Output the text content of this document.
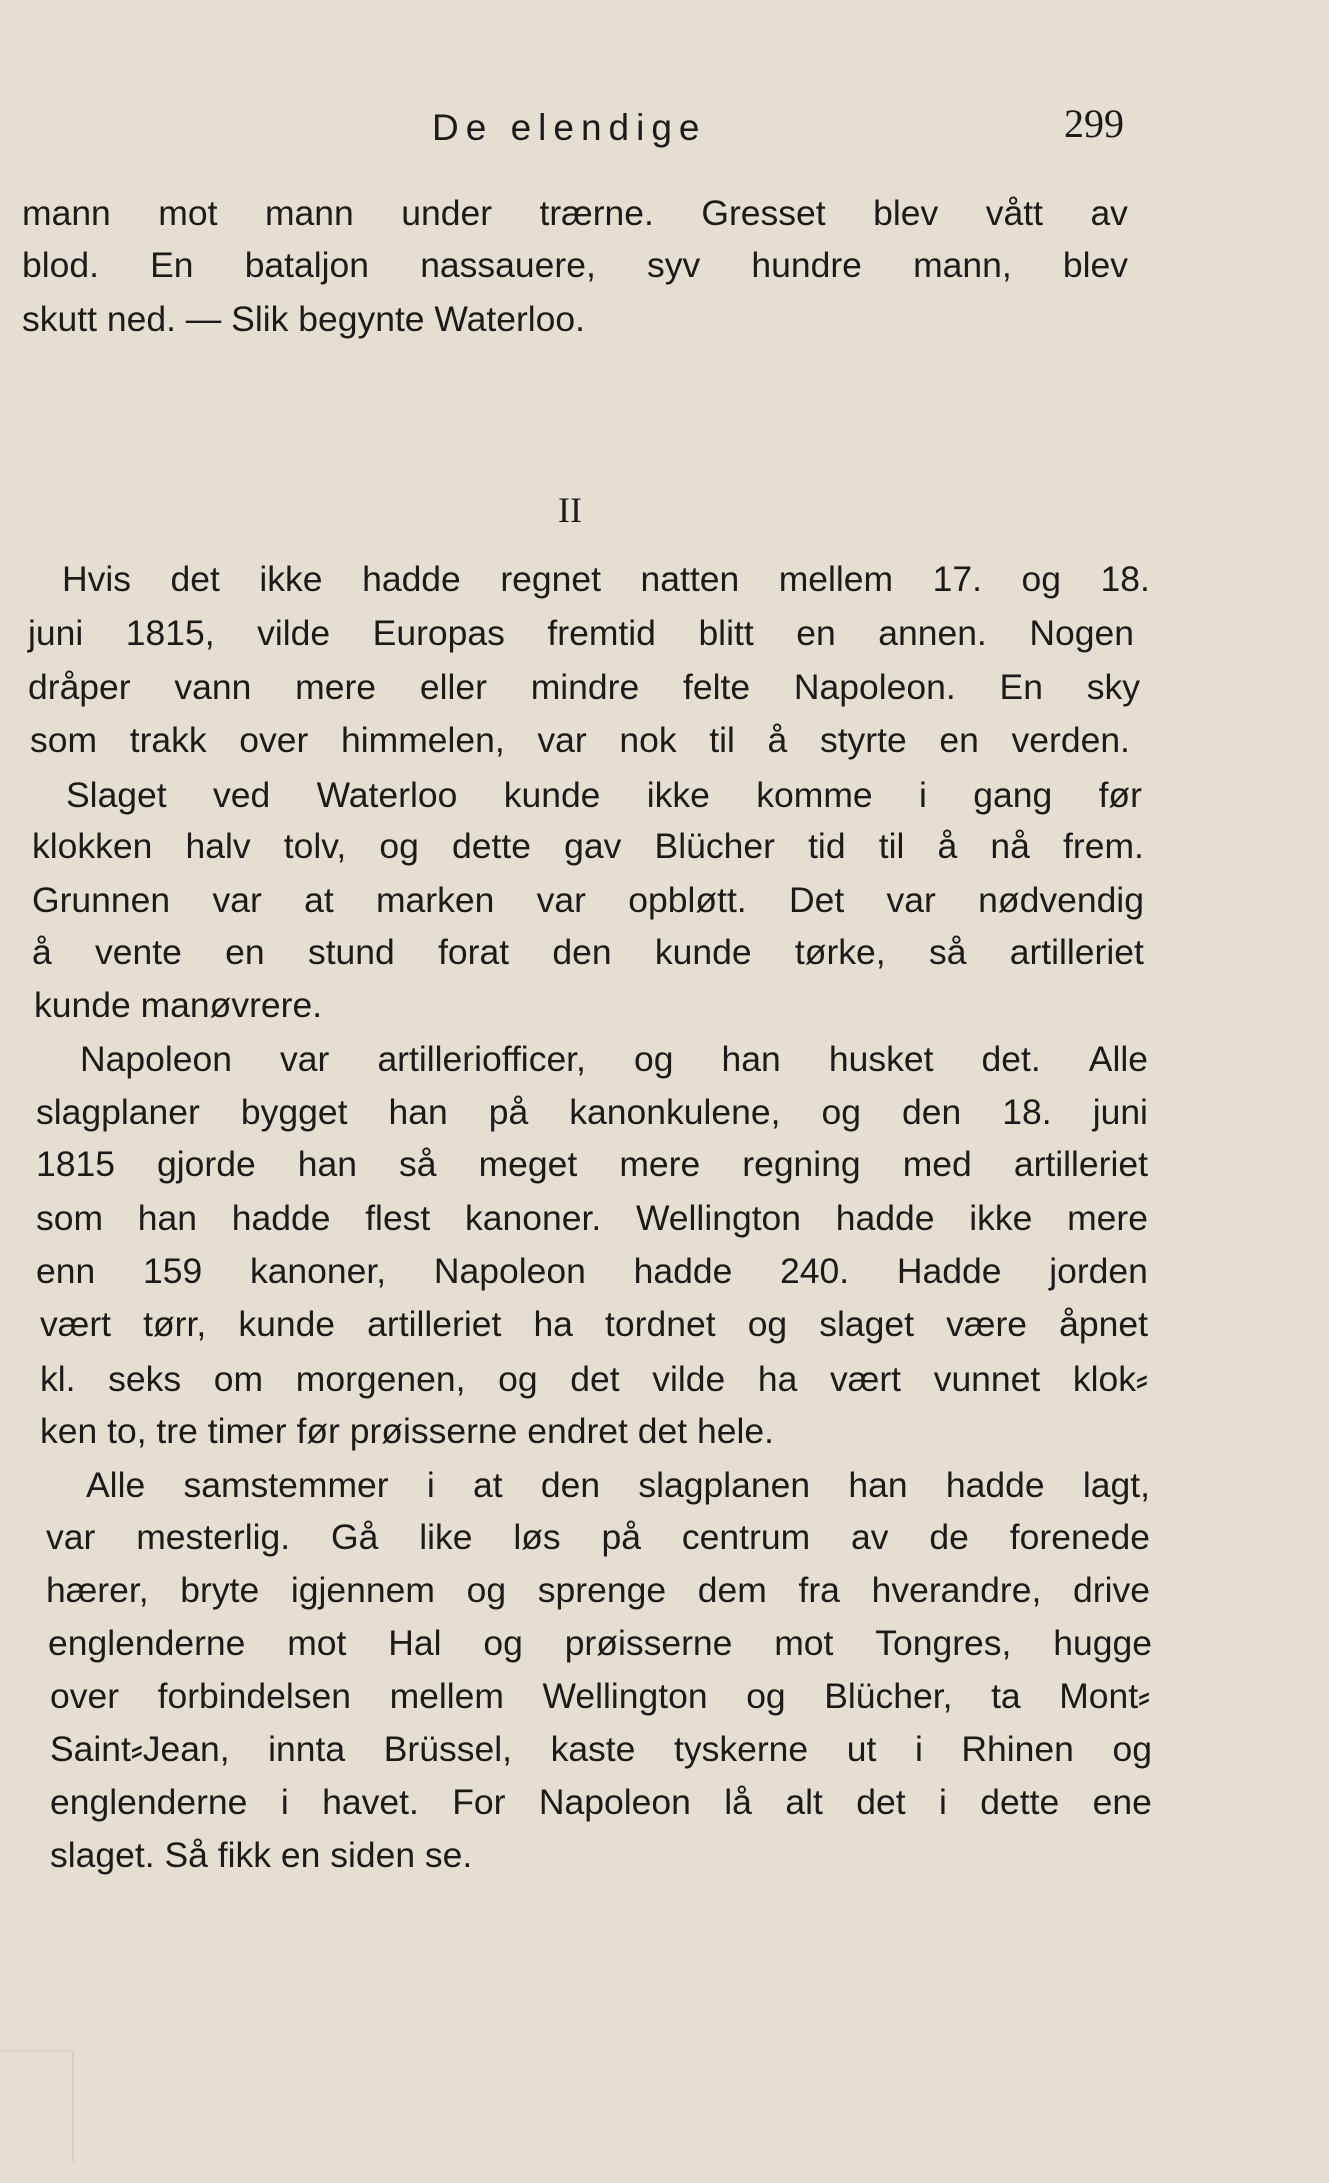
De elendige	299
mann mot mann under trærne. Gresset blev vått av
blod. En bataljon nassauere, syv hundre mann, blev
skutt ned. — Slik begynte Waterloo.
II
Hvis det ikke hadde regnet natten mellem 17. og 18.
juni 1815, vilde Europas fremtid blitt en annen. Nogen
dråper vann mere eller mindre felte Napoleon. En sky
som trakk over himmelen, var nok til å styrte en verden.
Slaget ved Waterloo kunde ikke komme i gang før
klokken halv tolv, og dette gav Blücher tid til å nå frem.
Grunnen var at marken var opbløtt. Det var nødvendig
å vente en stund forat den kunde tørke, så artilleriet
kunde manøvrere.
Napoleon var artilleriofficer, og han husket det. Alle
slagplaner bygget han på kanonkulene, og den 18. juni
1815 gjorde han så meget mere regning med artilleriet
som han hadde flest kanoner. Wellington hadde ikke mere
enn 159 kanoner, Napoleon hadde 240. Hadde jorden
vært tørr, kunde artilleriet ha tordnet og slaget være åpnet
kl. seks om morgenen, og det vilde ha vært vunnet klok⸗
ken to, tre timer før prøisserne endret det hele.
Alle samstemmer i at den slagplanen han hadde lagt,
var mesterlig. Gå like løs på centrum av de forenede
hærer, bryte igjennem og sprenge dem fra hverandre, drive
englenderne mot Hal og prøisserne mot Tongres, hugge
over forbindelsen mellem Wellington og Blücher, ta Mont⸗
Saint⸗Jean, innta Brüssel, kaste tyskerne ut i Rhinen og
englenderne i havet. For Napoleon lå alt det i dette ene
slaget. Så fikk en siden se.
